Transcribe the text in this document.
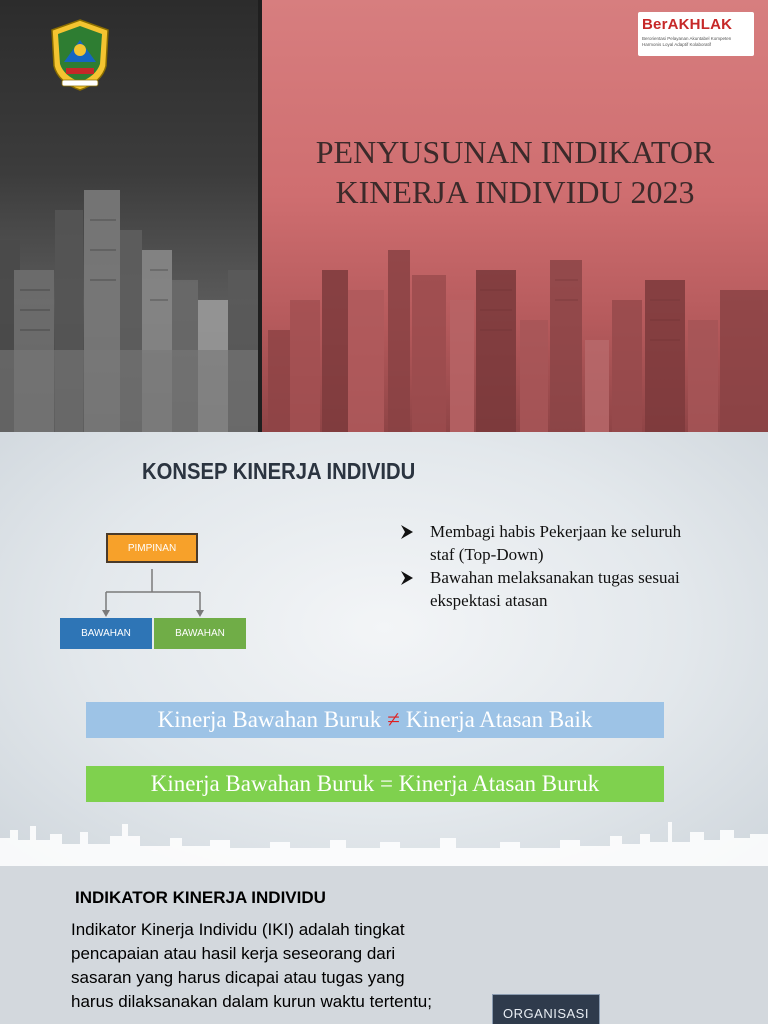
BerAKHLAK
Berorientasi Pelayanan Akuntabel Kompeten Harmonis Loyal Adaptif Kolaboratif
PENYUSUNAN INDIKATOR
KINERJA INDIVIDU 2023
KONSEP KINERJA INDIVIDU
PIMPINAN
BAWAHAN	BAWAHAN
Membagi habis Pekerjaan ke seluruh staf (Top-Down)
Bawahan melaksanakan tugas sesuai ekspektasi atasan
Kinerja Bawahan Buruk ≠ Kinerja Atasan Baik
Kinerja Bawahan Buruk = Kinerja Atasan Buruk
INDIKATOR KINERJA INDIVIDU
Indikator Kinerja Individu (IKI) adalah tingkat pencapaian atau hasil kerja seseorang dari sasaran yang harus dicapai atau tugas yang harus dilaksanakan dalam kurun waktu tertentu;
ORGANISASI
